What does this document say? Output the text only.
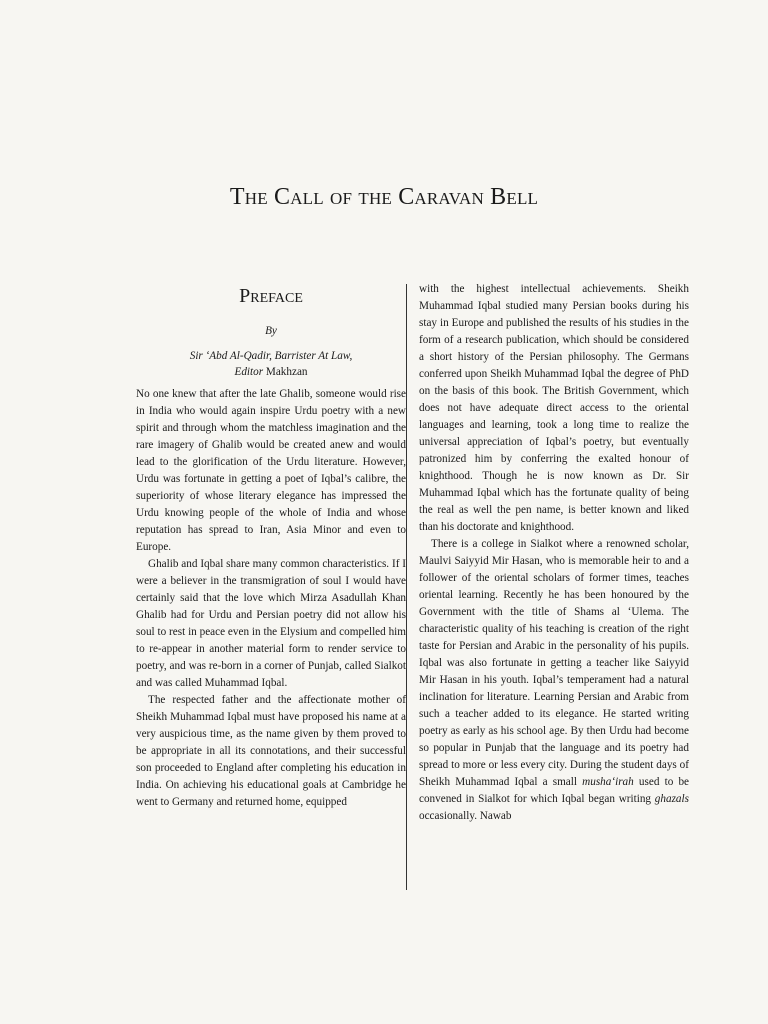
The Call of the Caravan Bell
Preface
By
Sir ‘Abd Al-Qadir, Barrister At Law,
Editor Makhzan

No one knew that after the late Ghalib, someone would rise in India who would again inspire Urdu poetry with a new spirit and through whom the matchless imagination and the rare imagery of Ghalib would be created anew and would lead to the glorification of the Urdu literature. However, Urdu was fortunate in getting a poet of Iqbal’s calibre, the superiority of whose literary elegance has impressed the Urdu knowing people of the whole of India and whose reputation has spread to Iran, Asia Minor and even to Europe.

Ghalib and Iqbal share many common characteristics. If I were a believer in the transmigration of soul I would have certainly said that the love which Mirza Asadullah Khan Ghalib had for Urdu and Persian poetry did not allow his soul to rest in peace even in the Elysium and compelled him to re-appear in another material form to render service to poetry, and was re-born in a corner of Punjab, called Sialkot and was called Muhammad Iqbal.

The respected father and the affectionate mother of Sheikh Muhammad Iqbal must have proposed his name at a very auspicious time, as the name given by them proved to be appropriate in all its connotations, and their successful son proceeded to England after completing his education in India. On achieving his educational goals at Cambridge he went to Germany and returned home, equipped

with the highest intellectual achievements. Sheikh Muhammad Iqbal studied many Persian books during his stay in Europe and published the results of his studies in the form of a research publication, which should be considered a short history of the Persian philosophy. The Germans conferred upon Sheikh Muhammad Iqbal the degree of PhD on the basis of this book. The British Government, which does not have adequate direct access to the oriental languages and learning, took a long time to realize the universal appreciation of Iqbal’s poetry, but eventually patronized him by conferring the exalted honour of knighthood. Though he is now known as Dr. Sir Muhammad Iqbal which has the fortunate quality of being the real as well the pen name, is better known and liked than his doctorate and knighthood.

There is a college in Sialkot where a renowned scholar, Maulvi Saiyyid Mir Hasan, who is memorable heir to and a follower of the oriental scholars of former times, teaches oriental learning. Recently he has been honoured by the Government with the title of Shams al ‘Ulema. The characteristic quality of his teaching is creation of the right taste for Persian and Arabic in the personality of his pupils. Iqbal was also fortunate in getting a teacher like Saiyyid Mir Hasan in his youth. Iqbal’s temperament had a natural inclination for literature. Learning Persian and Arabic from such a teacher added to its elegance. He started writing poetry as early as his school age. By then Urdu had become so popular in Punjab that the language and its poetry had spread to more or less every city. During the student days of Sheikh Muhammad Iqbal a small musha‘irah used to be convened in Sialkot for which Iqbal began writing ghazals occasionally. Nawab
